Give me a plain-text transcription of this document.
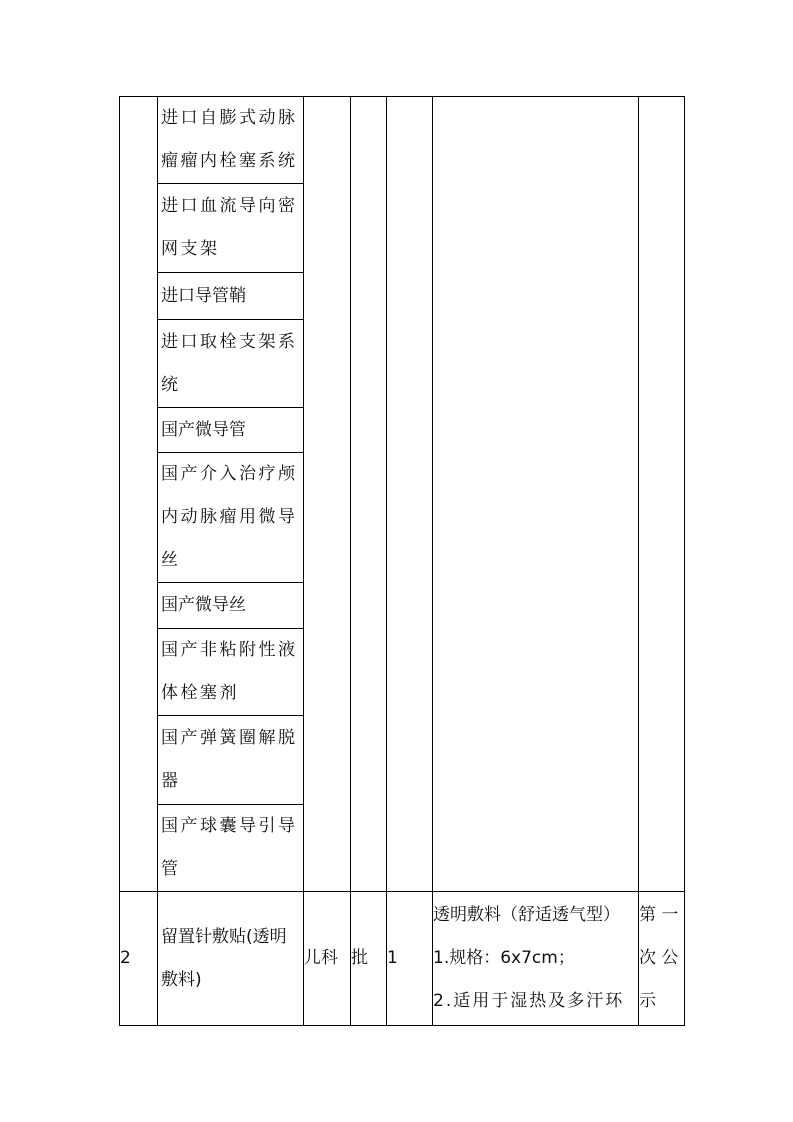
	进口自膨式动脉
瘤瘤内栓塞系统					

	进口血流导向密
网支架					

	进口导管鞘					

	进口取栓支架系
统					

	国产微导管					

	国产介入治疗颅
内动脉瘤用微导
丝					

	国产微导丝					

	国产非粘附性液
体栓塞剂					

	国产弹簧圈解脱
器					

	国产球囊导引导
管					

2	留置针敷贴(透明
敷料)	儿科	批	1	透明敷料（舒适透气型）
1.规格：6x7cm；
2.适用于湿热及多汗环	第 一
次 公
示
